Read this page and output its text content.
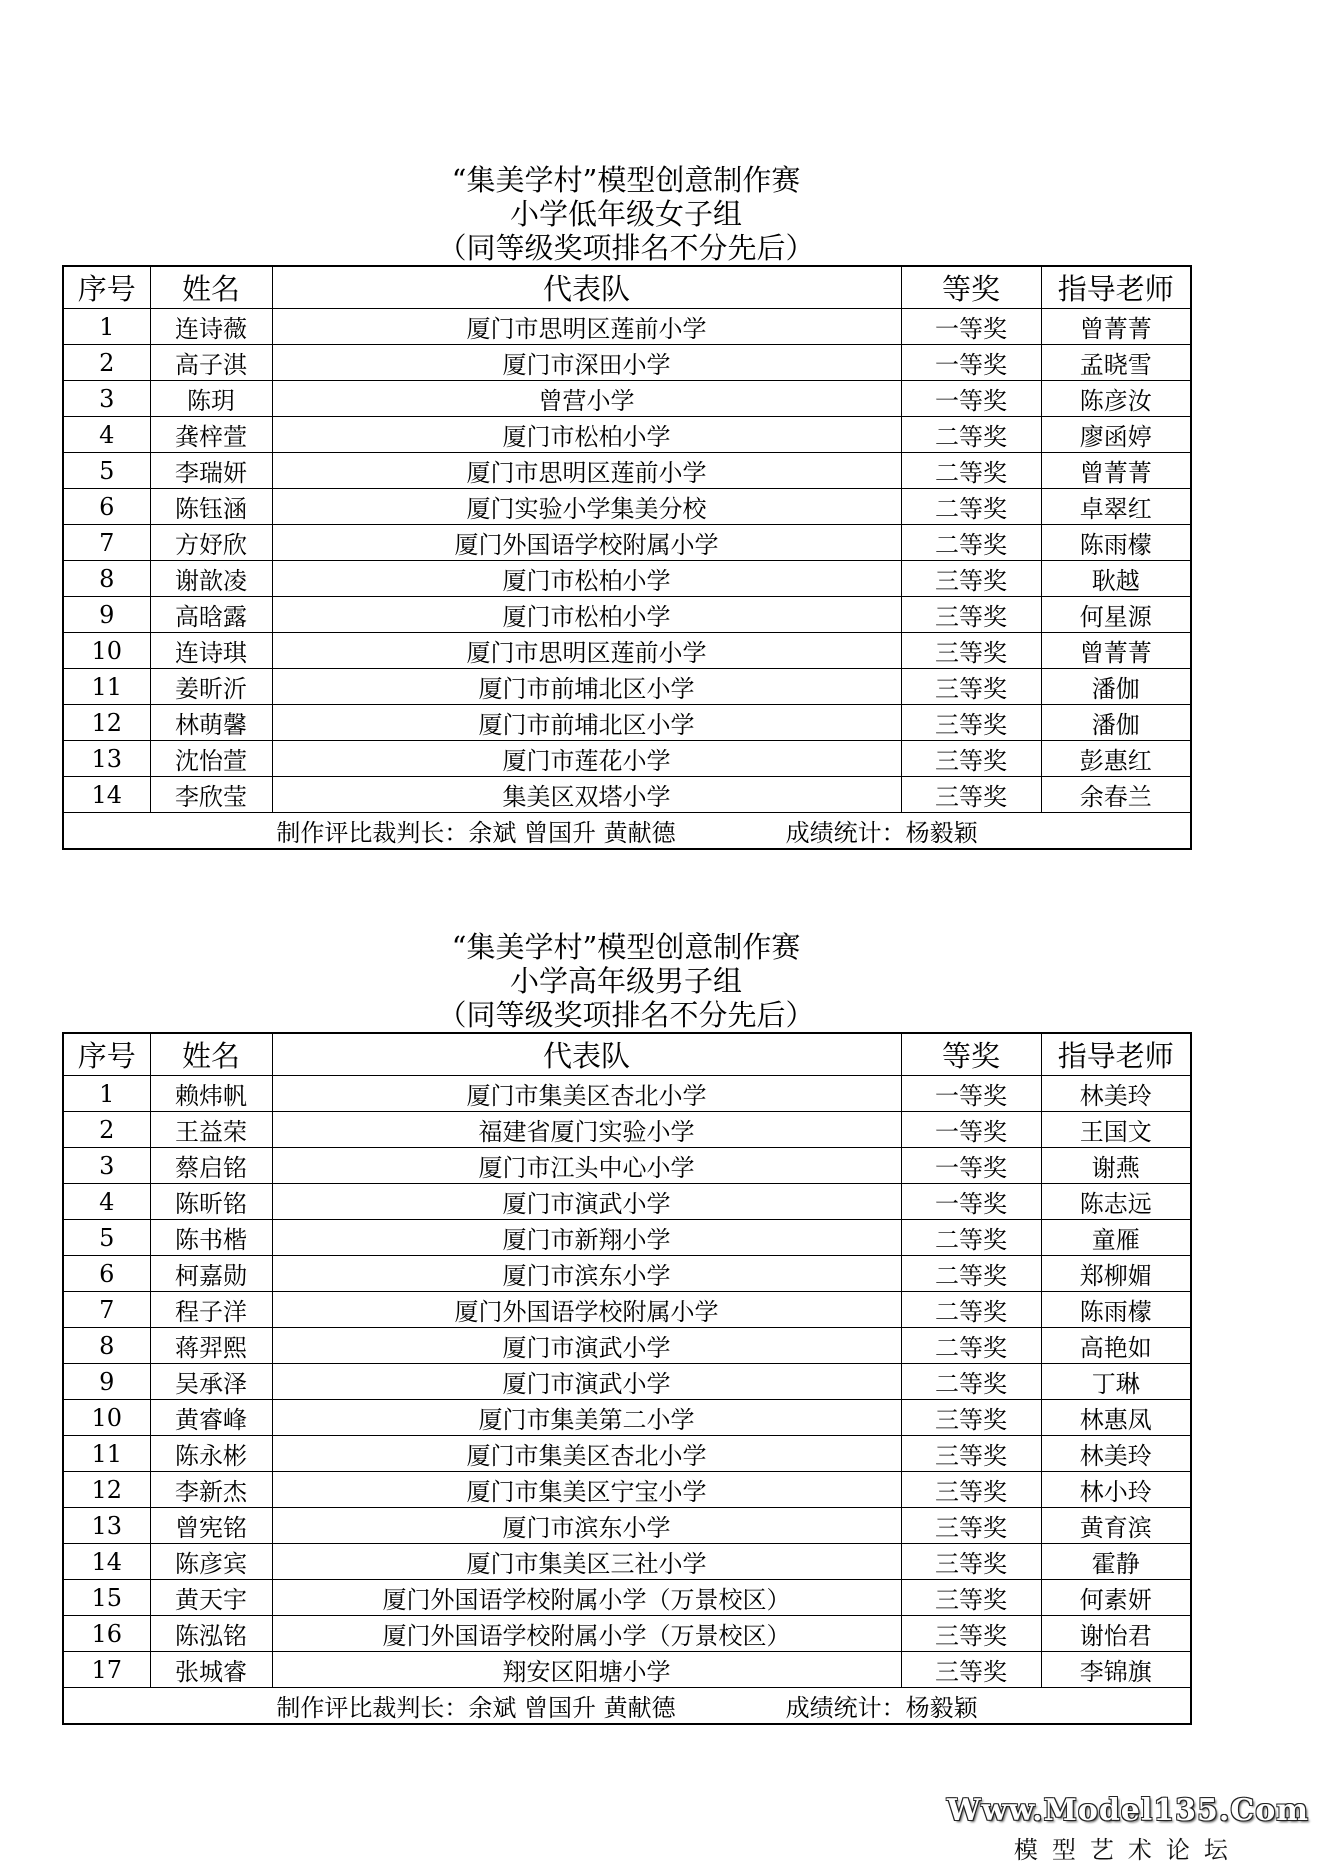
“集美学村”模型创意制作赛
小学低年级女子组
（同等级奖项排名不分先后）
序号	姓名	代表队	等奖	指导老师
1	连诗薇	厦门市思明区莲前小学	一等奖	曾菁菁
2	高子淇	厦门市深田小学	一等奖	孟晓雪
3	陈玥	曾营小学	一等奖	陈彦汝
4	龚梓萱	厦门市松柏小学	二等奖	廖函婷
5	李瑞妍	厦门市思明区莲前小学	二等奖	曾菁菁
6	陈钰涵	厦门实验小学集美分校	二等奖	卓翠红
7	方妤欣	厦门外国语学校附属小学	二等奖	陈雨檬
8	谢歆凌	厦门市松柏小学	三等奖	耿越
9	高晗露	厦门市松柏小学	三等奖	何星源
10	连诗琪	厦门市思明区莲前小学	三等奖	曾菁菁
11	姜昕沂	厦门市前埔北区小学	三等奖	潘伽
12	林萌馨	厦门市前埔北区小学	三等奖	潘伽
13	沈怡萱	厦门市莲花小学	三等奖	彭惠红
14	李欣莹	集美区双塔小学	三等奖	余春兰
制作评比裁判长：余斌 曾国升 黄献德 成绩统计：杨毅颖				
“集美学村”模型创意制作赛
小学高年级男子组
（同等级奖项排名不分先后）
序号	姓名	代表队	等奖	指导老师
1	赖炜帆	厦门市集美区杏北小学	一等奖	林美玲
2	王益荣	福建省厦门实验小学	一等奖	王国文
3	蔡启铭	厦门市江头中心小学	一等奖	谢燕
4	陈昕铭	厦门市演武小学	一等奖	陈志远
5	陈书楷	厦门市新翔小学	二等奖	童雁
6	柯嘉勋	厦门市滨东小学	二等奖	郑柳媚
7	程子洋	厦门外国语学校附属小学	二等奖	陈雨檬
8	蒋羿熙	厦门市演武小学	二等奖	高艳如
9	吴承泽	厦门市演武小学	二等奖	丁琳
10	黄睿峰	厦门市集美第二小学	三等奖	林惠凤
11	陈永彬	厦门市集美区杏北小学	三等奖	林美玲
12	李新杰	厦门市集美区宁宝小学	三等奖	林小玲
13	曾宪铭	厦门市滨东小学	三等奖	黄育滨
14	陈彦宾	厦门市集美区三社小学	三等奖	霍静
15	黄天宇	厦门外国语学校附属小学（万景校区）	三等奖	何素妍
16	陈泓铭	厦门外国语学校附属小学（万景校区）	三等奖	谢怡君
17	张城睿	翔安区阳塘小学	三等奖	李锦旗
制作评比裁判长：余斌 曾国升 黄献德 成绩统计：杨毅颖				
Www.Model135.Com
模型艺术论坛
